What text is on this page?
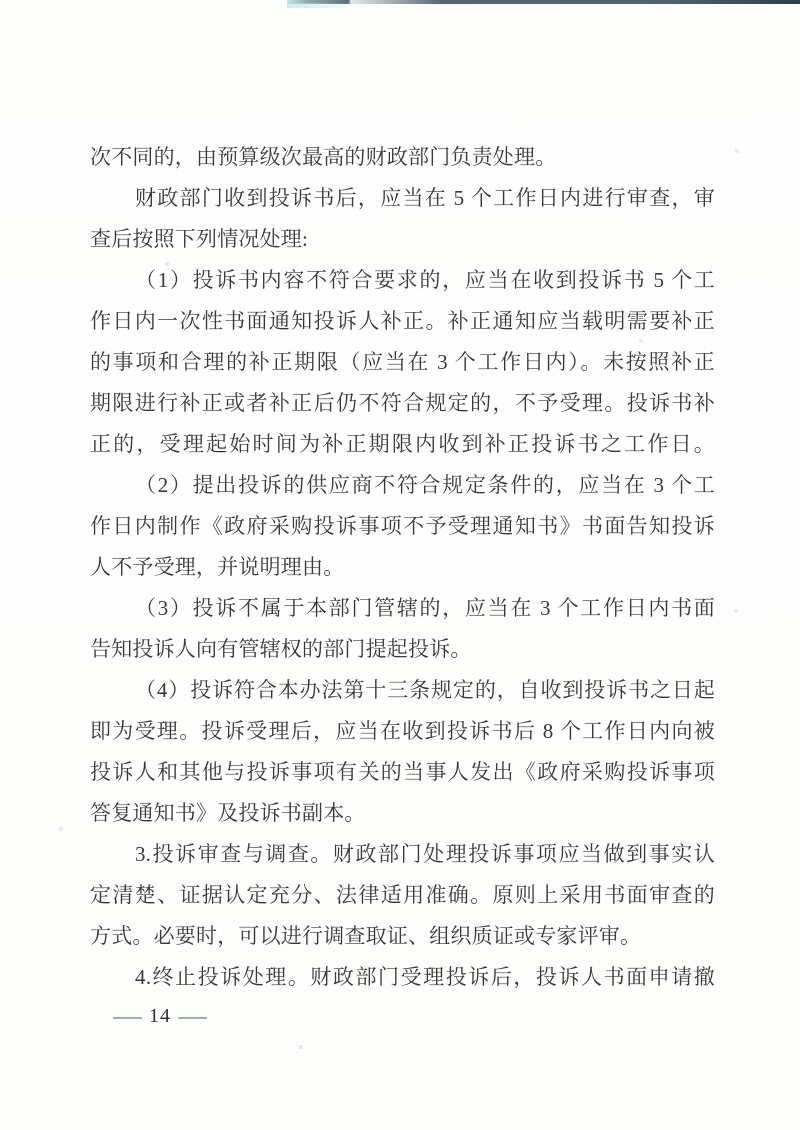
次不同的，由预算级次最高的财政部门负责处理。
财政部门收到投诉书后，应当在 5 个工作日内进行审查，审
查后按照下列情况处理:
（1）投诉书内容不符合要求的，应当在收到投诉书 5 个工
作日内一次性书面通知投诉人补正。补正通知应当载明需要补正
的事项和合理的补正期限（应当在 3 个工作日内）。未按照补正
期限进行补正或者补正后仍不符合规定的，不予受理。投诉书补
正的，受理起始时间为补正期限内收到补正投诉书之工作日。
（2）提出投诉的供应商不符合规定条件的，应当在 3 个工
作日内制作《政府采购投诉事项不予受理通知书》书面告知投诉
人不予受理，并说明理由。
（3）投诉不属于本部门管辖的，应当在 3 个工作日内书面
告知投诉人向有管辖权的部门提起投诉。
（4）投诉符合本办法第十三条规定的，自收到投诉书之日起
即为受理。投诉受理后，应当在收到投诉书后 8 个工作日内向被
投诉人和其他与投诉事项有关的当事人发出《政府采购投诉事项
答复通知书》及投诉书副本。
3.投诉审查与调查。财政部门处理投诉事项应当做到事实认
定清楚、证据认定充分、法律适用准确。原则上采用书面审查的
方式。必要时，可以进行调查取证、组织质证或专家评审。
4.终止投诉处理。财政部门受理投诉后，投诉人书面申请撤
— 14 —
